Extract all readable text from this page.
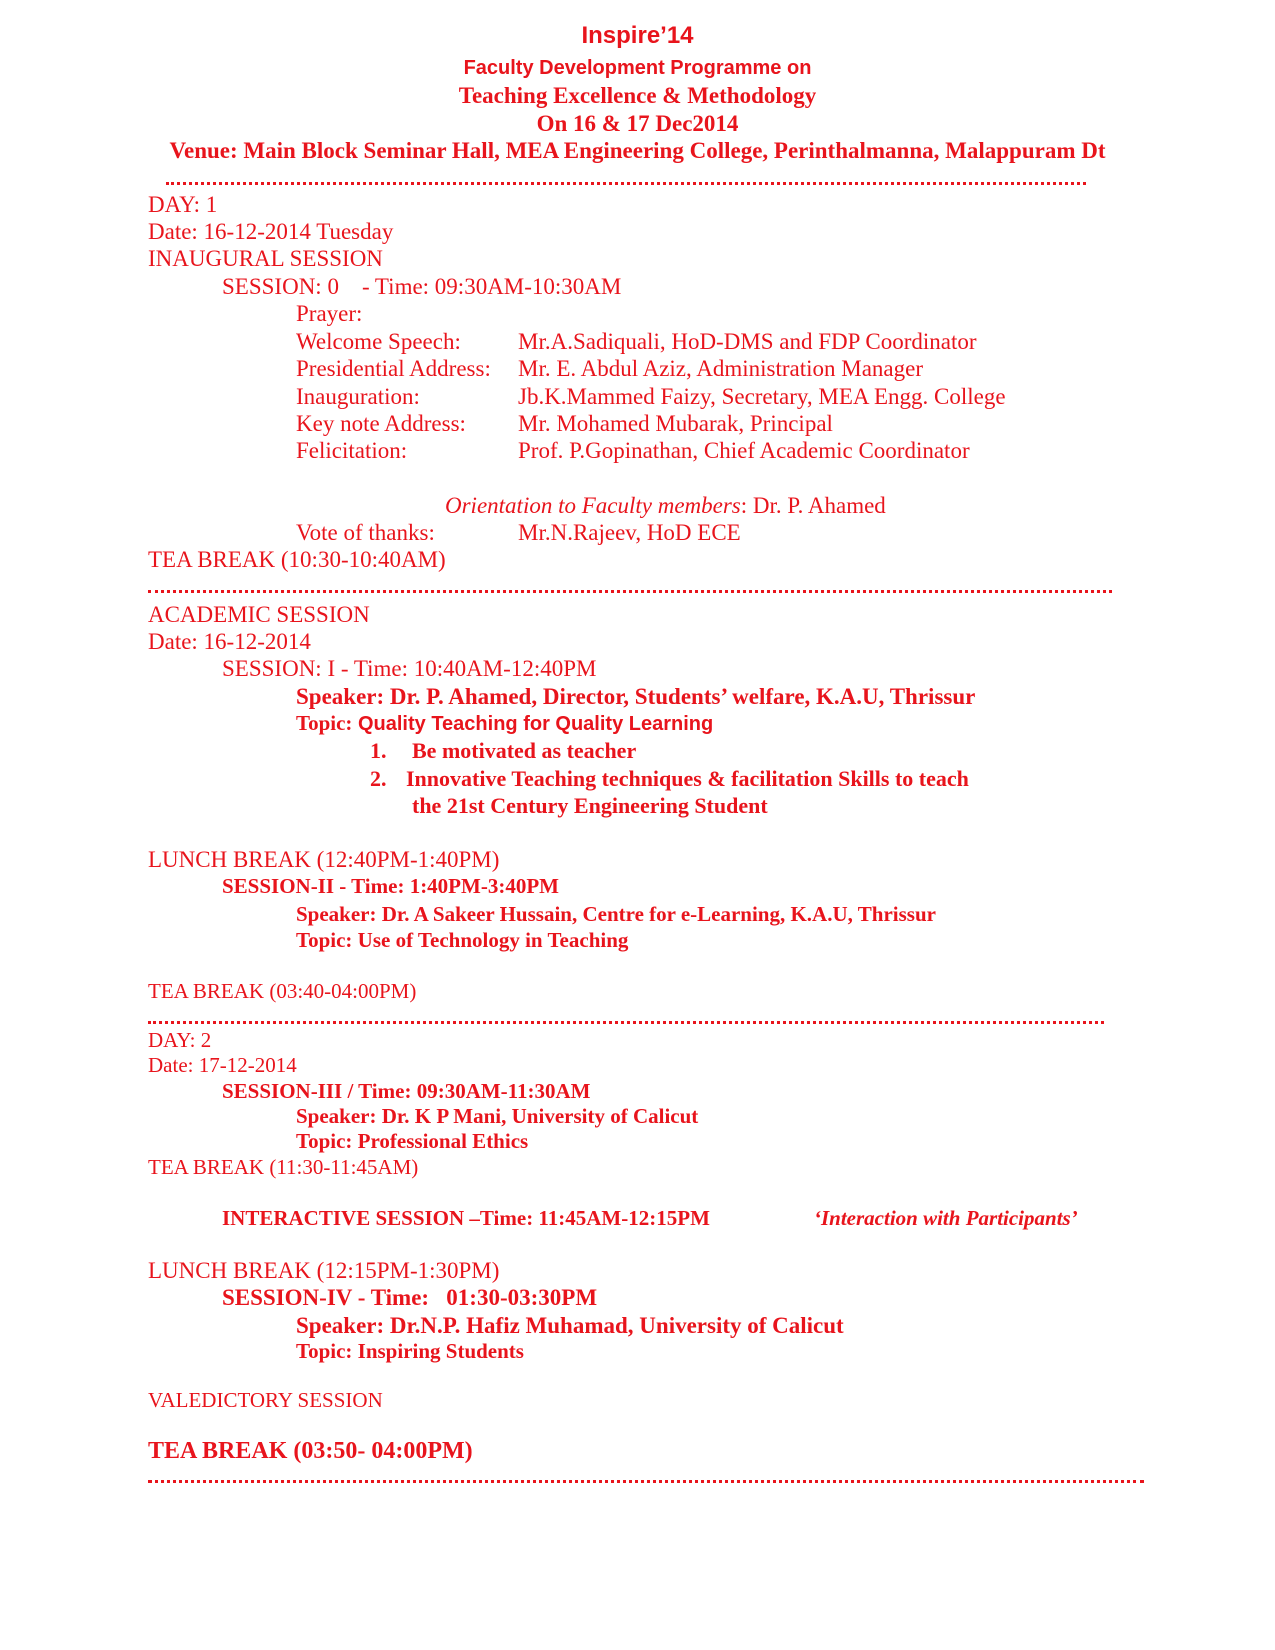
Inspire’14
Faculty Development Programme on
Teaching Excellence & Methodology
On 16 & 17 Dec2014
Venue: Main Block Seminar Hall, MEA Engineering College, Perinthalmanna, Malappuram Dt
DAY: 1
Date: 16-12-2014 Tuesday
INAUGURAL SESSION
SESSION: 0    - Time: 09:30AM-10:30AM
Prayer:
Welcome Speech: Mr.A.Sadiquali, HoD-DMS and FDP Coordinator
Presidential Address: Mr. E. Abdul Aziz, Administration Manager
Inauguration:	Jb.K.Mammed Faizy, Secretary, MEA Engg. College
Key note Address: Mr. Mohamed Mubarak, Principal
Felicitation:	Prof. P.Gopinathan, Chief Academic Coordinator
Orientation to Faculty members: Dr. P. Ahamed
Vote of thanks:	Mr.N.Rajeev, HoD ECE
TEA BREAK (10:30-10:40AM)
ACADEMIC SESSION
Date: 16-12-2014
SESSION: I - Time: 10:40AM-12:40PM
Speaker: Dr. P. Ahamed, Director, Students’ welfare, K.A.U, Thrissur
Topic: Quality Teaching for Quality Learning
1. Be motivated as teacher
2. Innovative Teaching techniques & facilitation Skills to teach
the 21st Century Engineering Student
LUNCH BREAK (12:40PM-1:40PM)
SESSION-II - Time: 1:40PM-3:40PM
Speaker: Dr. A Sakeer Hussain, Centre for e-Learning, K.A.U, Thrissur
Topic: Use of Technology in Teaching
TEA BREAK (03:40-04:00PM)
DAY: 2
Date: 17-12-2014
SESSION-III / Time: 09:30AM-11:30AM
Speaker: Dr. K P Mani, University of Calicut
Topic: Professional Ethics
TEA BREAK (11:30-11:45AM)
INTERACTIVE SESSION –Time: 11:45AM-12:15PM	‘Interaction with Participants’
LUNCH BREAK (12:15PM-1:30PM)
SESSION-IV - Time:   01:30-03:30PM
Speaker: Dr.N.P. Hafiz Muhamad, University of Calicut
Topic: Inspiring Students
VALEDICTORY SESSION
TEA BREAK (03:50- 04:00PM)
